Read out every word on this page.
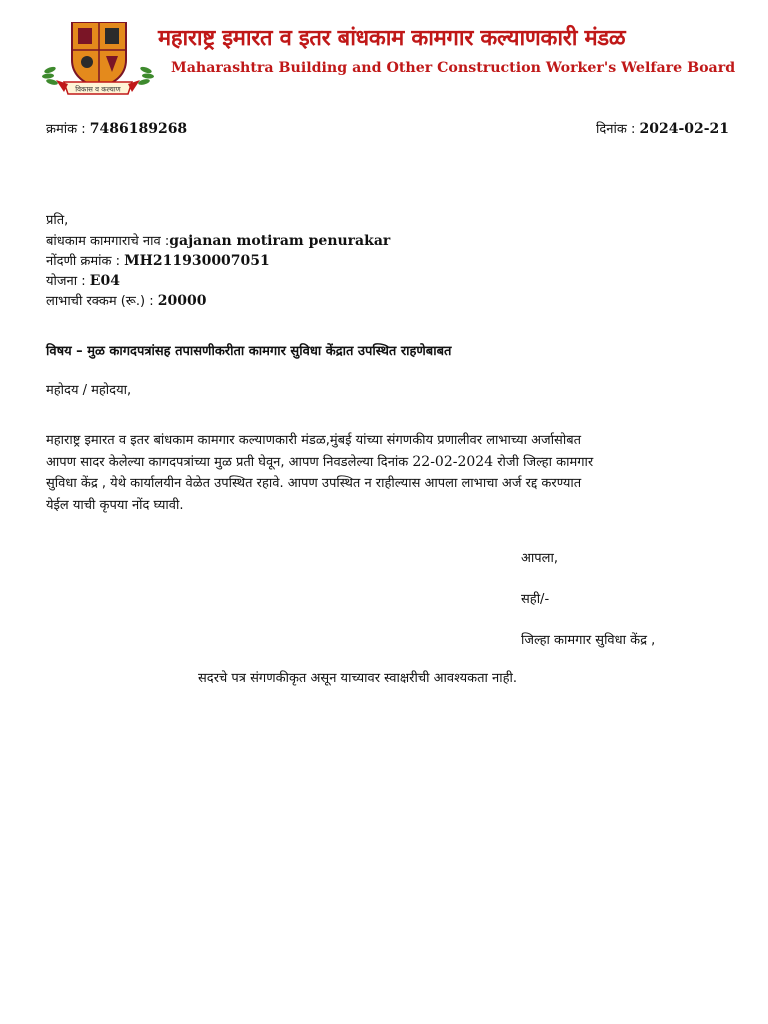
विकास व कल्याण
महाराष्ट्र इमारत व इतर बांधकाम कामगार कल्याणकारी मंडळ
Maharashtra Building and Other Construction Worker's Welfare Board
क्रमांक : 7486189268	दिनांक : 2024-02-21
प्रति,
बांधकाम कामगाराचे नाव :gajanan motiram penurakar
नोंदणी क्रमांक : MH211930007051
योजना : E04
लाभाची रक्कम (रू.) : 20000
विषय – मुळ कागदपत्रांसह तपासणीकरीता कामगार सुविधा केंद्रात उपस्थित राहणेबाबत
महोदय / महोदया,
महाराष्ट्र इमारत व इतर बांधकाम कामगार कल्याणकारी मंडळ,मुंबई यांच्या संगणकीय प्रणालीवर लाभाच्या अर्जासोबत
आपण सादर केलेल्या कागदपत्रांच्या मुळ प्रती घेवून, आपण निवडलेल्या दिनांक 22-02-2024 रोजी जिल्हा कामगार
सुविधा केंद्र , येथे कार्यालयीन वेळेत उपस्थित रहावे. आपण उपस्थित न राहील्यास आपला लाभाचा अर्ज रद्द करण्यात
येईल याची कृपया नोंद घ्यावी.
आपला,
सही/-
जिल्हा कामगार सुविधा केंद्र ,
सदरचे पत्र संगणकीकृत असून याच्यावर स्वाक्षरीची आवश्यकता नाही.
